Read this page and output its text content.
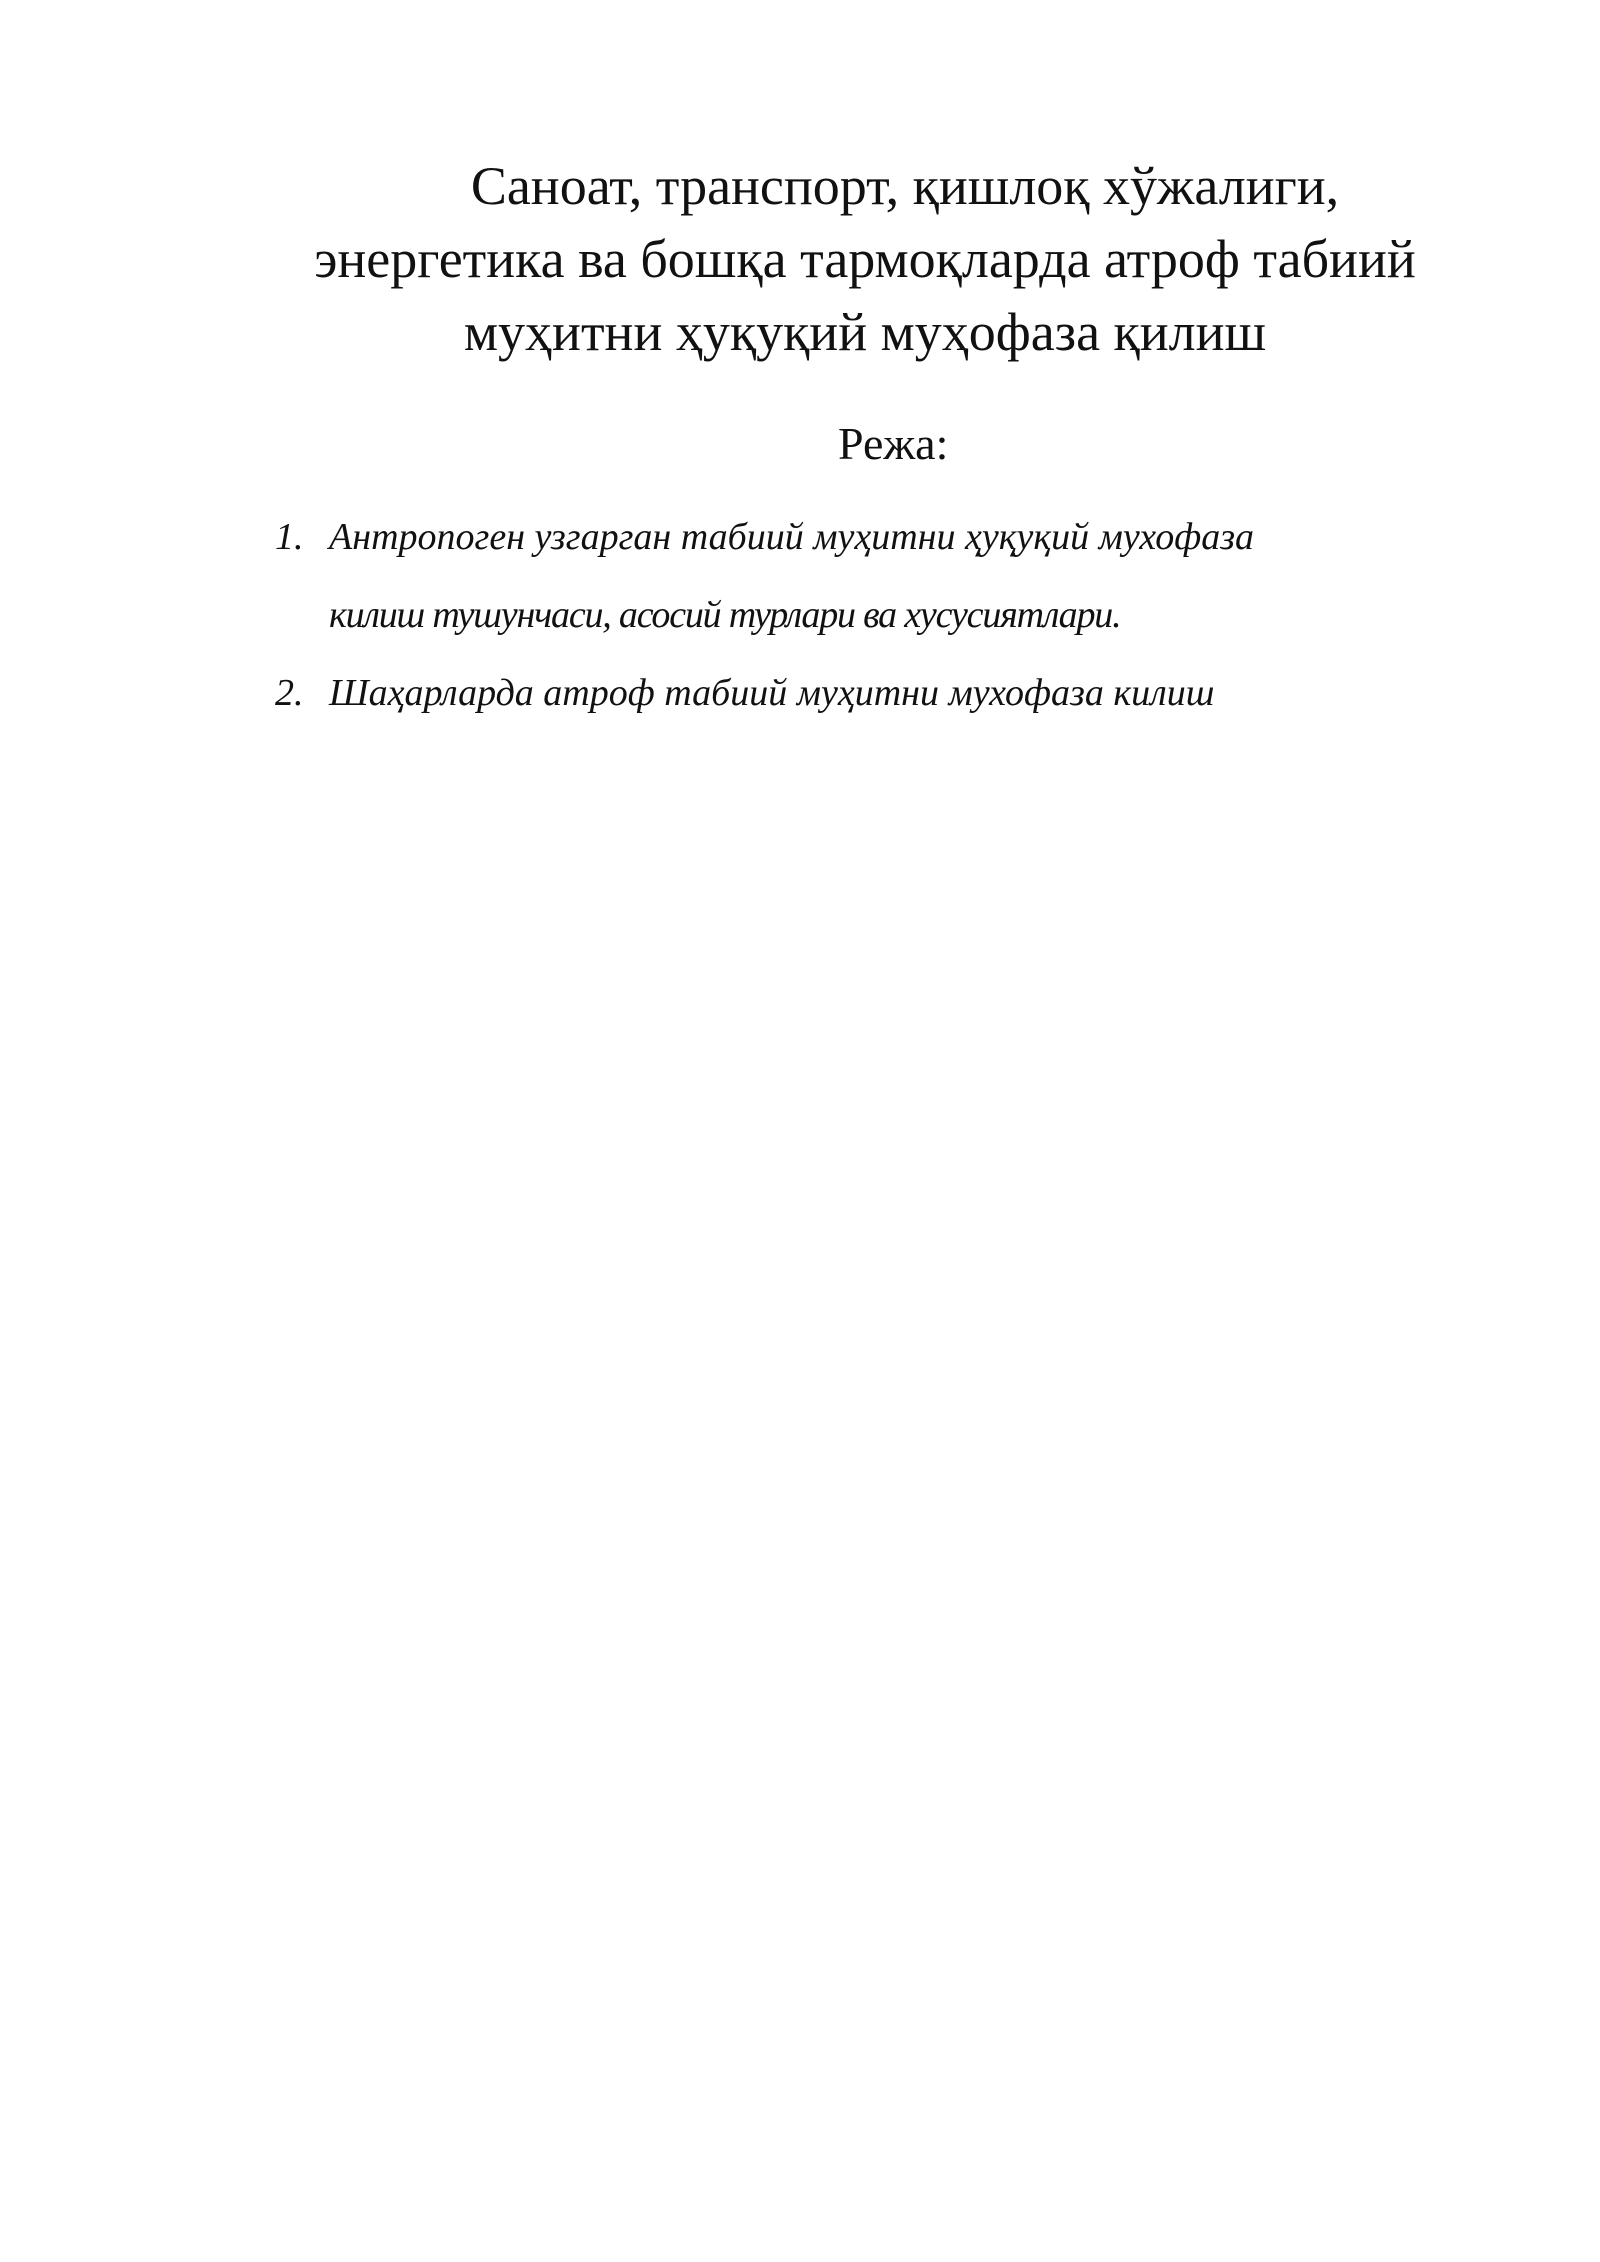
Саноат, транспорт, қишлоқ хўжалиги,
энергетика ва бошқа тармоқларда атроф табиий
муҳитни ҳуқуқий муҳофаза қилиш
Режа:
1. Антропоген узгарган табиий муҳитни ҳуқуқий мухофаза
килиш тушунчаси, асосий турлари ва хусусиятлари.
2. Шаҳарларда атроф табиий муҳитни мухофаза килиш
